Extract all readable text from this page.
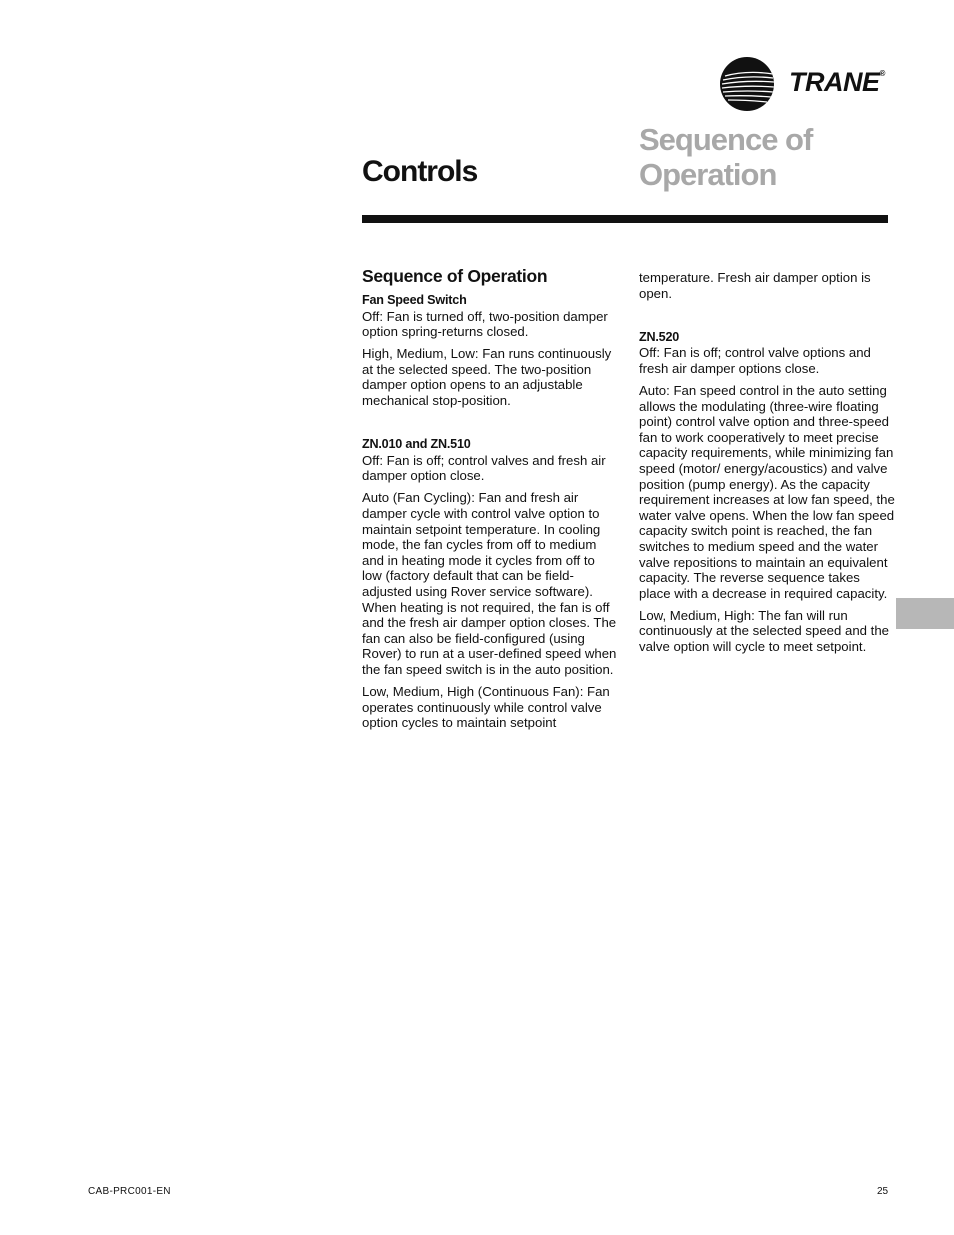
TRANE®
Controls
Sequence of
Operation
Sequence of Operation
Fan Speed Switch

Off: Fan is turned off, two-position damper option spring-returns closed.

High, Medium, Low: Fan runs continuously at the selected speed. The two-position damper option opens to an adjustable mechanical stop-position.

ZN.010 and ZN.510

Off: Fan is off; control valves and fresh air damper option close.

Auto (Fan Cycling): Fan and fresh air damper cycle with control valve option to maintain setpoint temperature. In cooling mode, the fan cycles from off to medium and in heating mode it cycles from off to low (factory default that can be field-adjusted using Rover service software). When heating is not required, the fan is off and the fresh air damper option closes. The fan can also be field-configured (using Rover) to run at a user-defined speed when the fan speed switch is in the auto position.

Low, Medium, High (Continuous Fan): Fan operates continuously while control valve option cycles to maintain setpoint

temperature. Fresh air damper option is open.

ZN.520

Off: Fan is off; control valve options and fresh air damper options close.

Auto: Fan speed control in the auto setting allows the modulating (three-wire floating point) control valve option and three-speed fan to work cooperatively to meet precise capacity requirements, while minimizing fan speed (motor/ energy/acoustics) and valve position (pump energy). As the capacity requirement increases at low fan speed, the water valve opens. When the low fan speed capacity switch point is reached, the fan switches to medium speed and the water valve repositions to maintain an equivalent capacity. The reverse sequence takes place with a decrease in required capacity.

Low, Medium, High: The fan will run continuously at the selected speed and the valve option will cycle to meet setpoint.

CAB-PRC001-EN	25
